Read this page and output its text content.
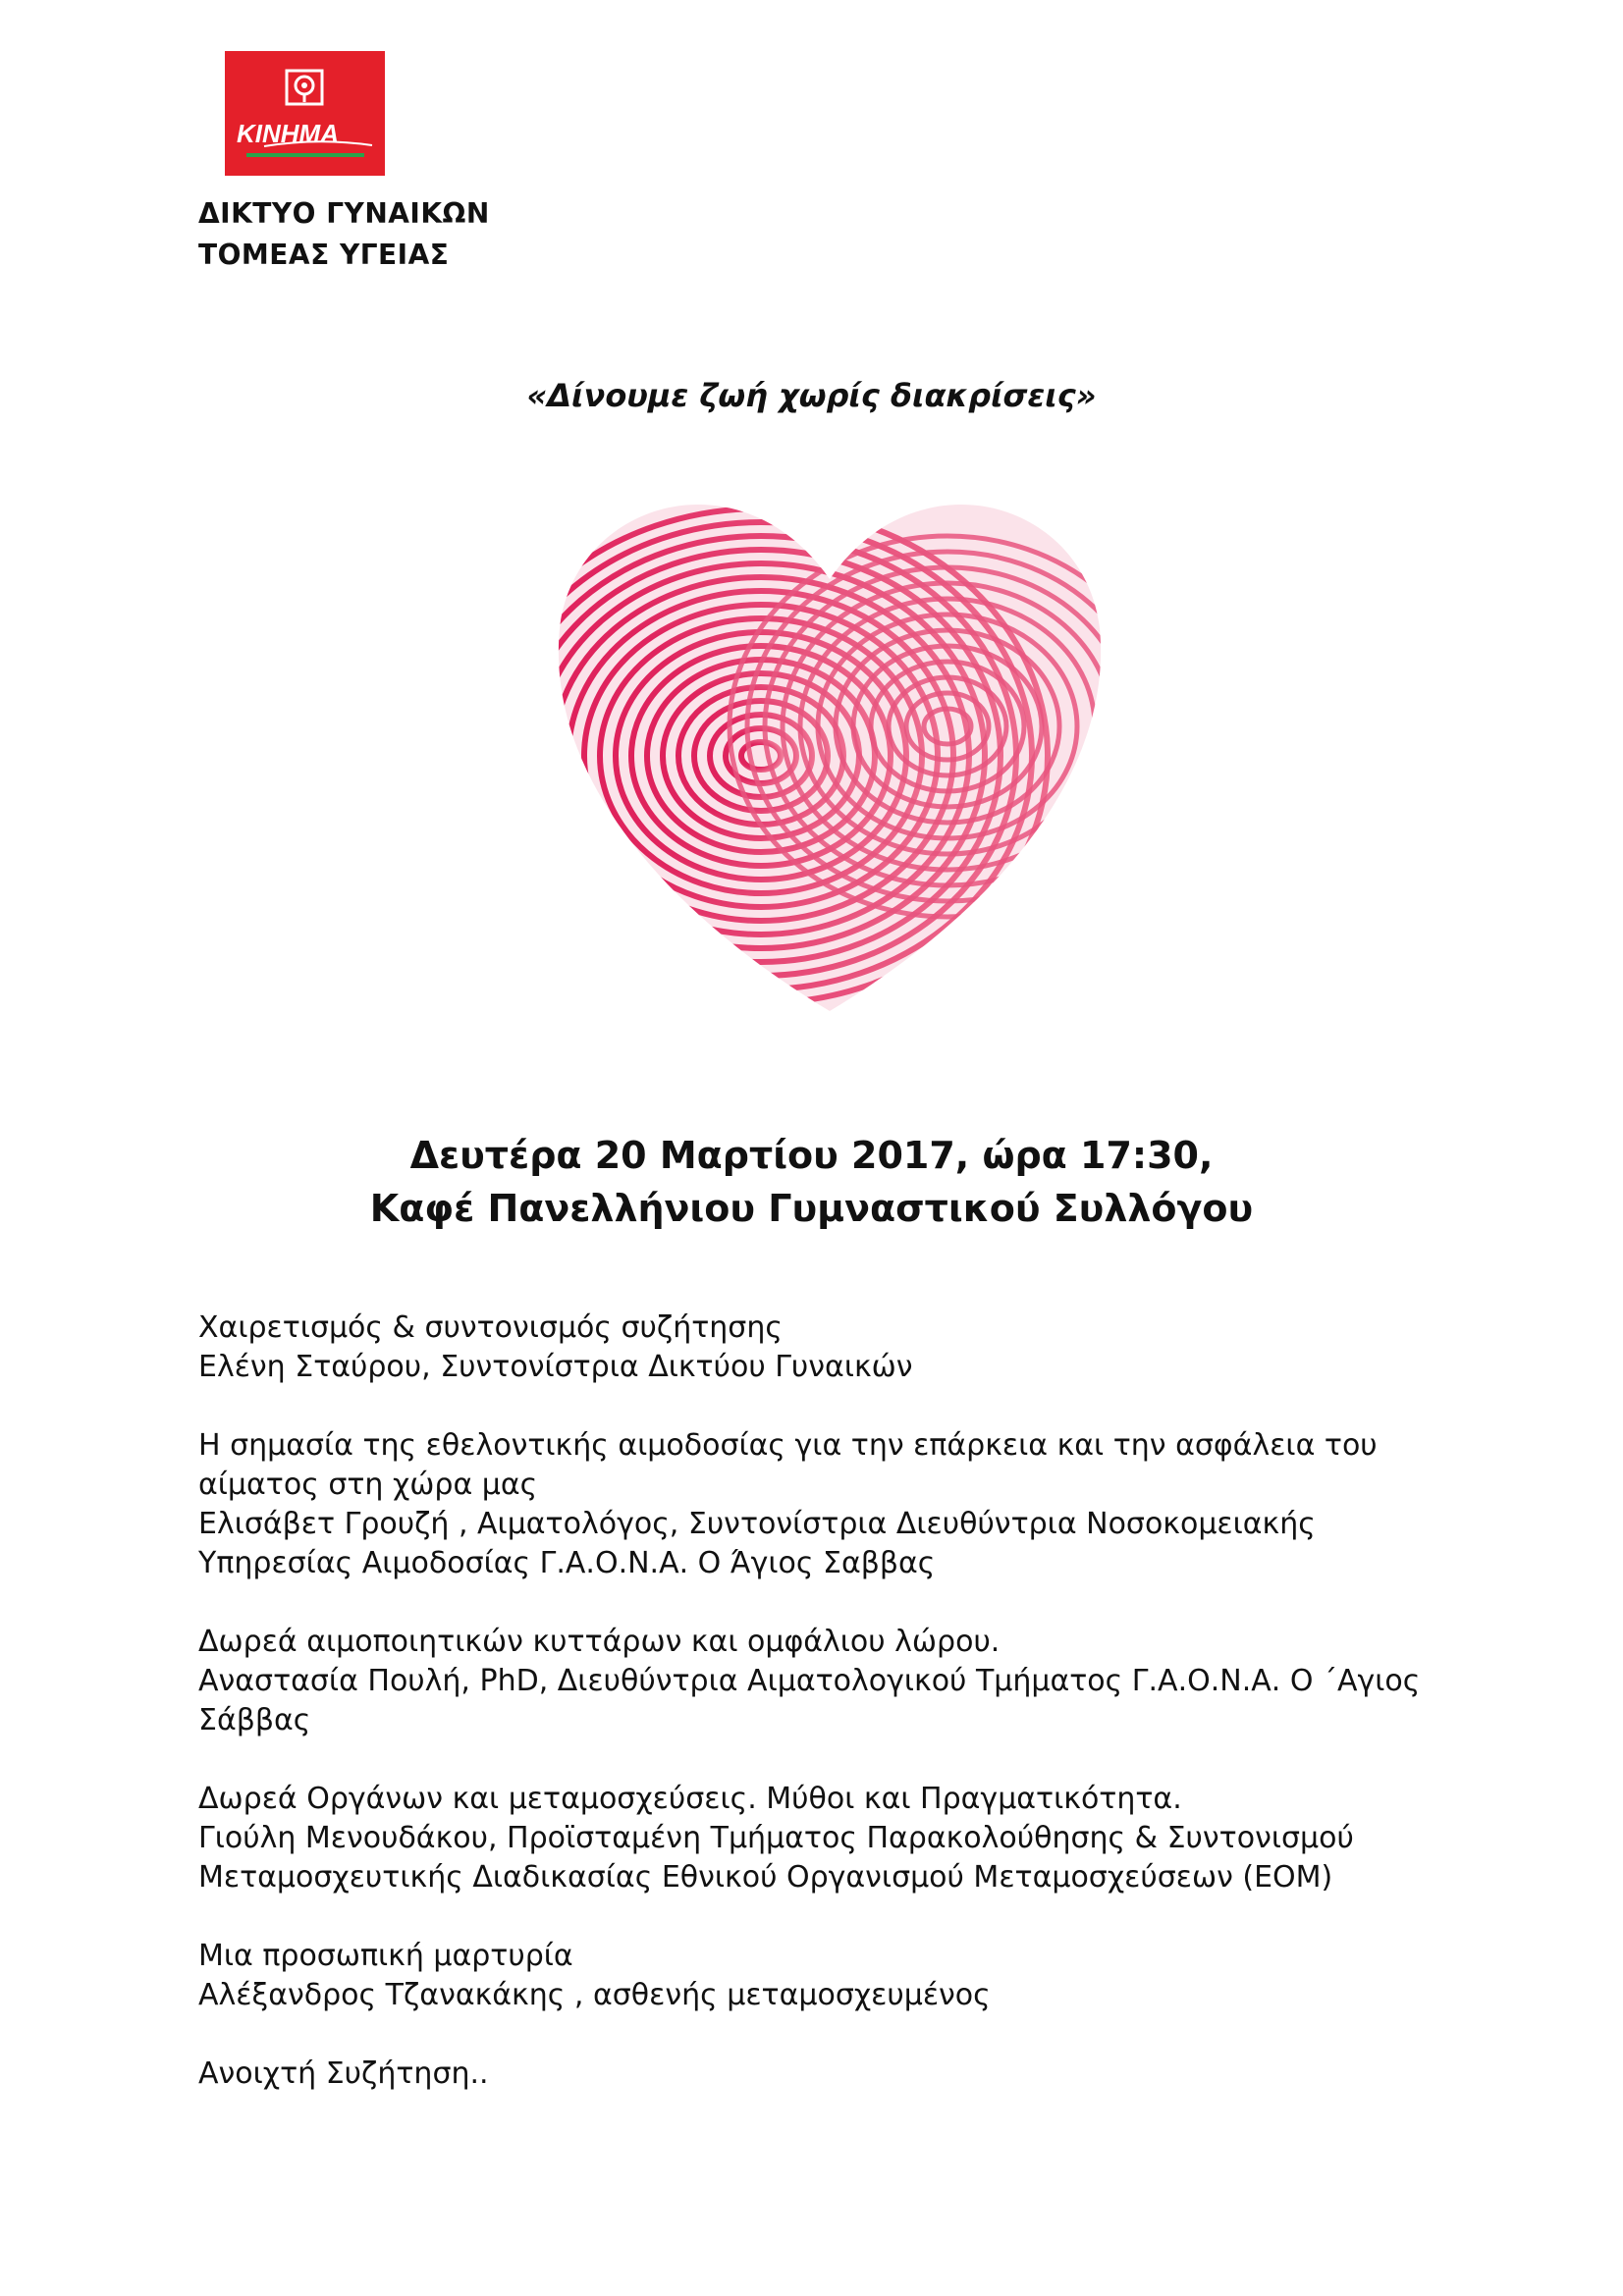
ΚΙΝΗΜΑ
ΔΙΚΤΥΟ ΓΥΝΑΙΚΩΝ
ΤΟΜΕΑΣ ΥΓΕΙΑΣ
«Δίνουμε ζωή χωρίς διακρίσεις»
Δευτέρα 20 Μαρτίου 2017, ώρα 17:30,
Καφέ Πανελλήνιου Γυμναστικού Συλλόγου
Χαιρετισμός & συντονισμός συζήτησης
Ελένη Σταύρου, Συντονίστρια Δικτύου Γυναικών
Η σημασία της εθελοντικής αιμοδοσίας για την επάρκεια και την ασφάλεια του αίματος στη χώρα μας
Ελισάβετ Γρουζή , Αιματολόγος, Συντονίστρια Διευθύντρια Νοσοκομειακής Υπηρεσίας Αιμοδοσίας Γ.Α.Ο.Ν.Α. Ο Άγιος Σαββας
Δωρεά αιμοποιητικών κυττάρων και ομφάλιου λώρου.
Αναστασία Πουλή, PhD, Διευθύντρια Αιματολογικού Τμήματος Γ.Α.Ο.Ν.Α. Ο ΄Αγιος Σάββας
Δωρεά Οργάνων και μεταμοσχεύσεις. Μύθοι και Πραγματικότητα.
Γιούλη Μενουδάκου, Προϊσταμένη Τμήματος Παρακολούθησης & Συντονισμού Μεταμοσχευτικής Διαδικασίας Εθνικού Οργανισμού Μεταμοσχεύσεων (ΕΟΜ)
Μια προσωπική μαρτυρία
Αλέξανδρος Τζανακάκης , ασθενής μεταμοσχευμένος
Ανοιχτή Συζήτηση..
